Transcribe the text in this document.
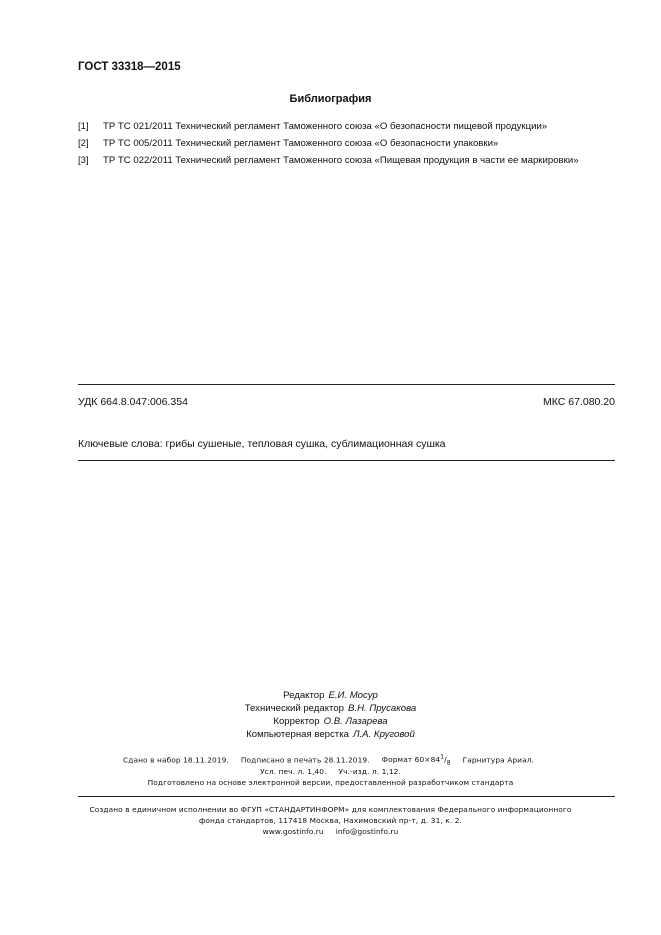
ГОСТ 33318—2015
Библиография
[1] ТР ТС 021/2011 Технический регламент Таможенного союза «О безопасности пищевой продукции»
[2] ТР ТС 005/2011 Технический регламент Таможенного союза «О безопасности упаковки»
[3] ТР ТС 022/2011 Технический регламент Таможенного союза «Пищевая продукция в части ее маркировки»
УДК 664.8.047:006.354	МКС 67.080.20
Ключевые слова: грибы сушеные, тепловая сушка, сублимационная сушка
Редактор Е.И. Мосур
Технический редактор В.Н. Прусакова
Корректор О.В. Лазарева
Компьютерная верстка Л.А. Круговой
Сдано в набор 18.11.2019. Подписано в печать 28.11.2019. Формат $60\times 84^1/_8$ Гарнитура Ариал.
Усл. печ. л. 1,40. Уч.-изд. л. 1,12.
Подготовлено на основе электронной версии, предоставленной разработчиком стандарта
Создано в единичном исполнении во ФГУП «СТАНДАРТИНФОРМ» для комплектования Федерального информационного
фонда стандартов, 117418 Москва, Нахимовский пр-т, д. 31, к. 2.
www.gostinfo.ru info@gostinfo.ru
